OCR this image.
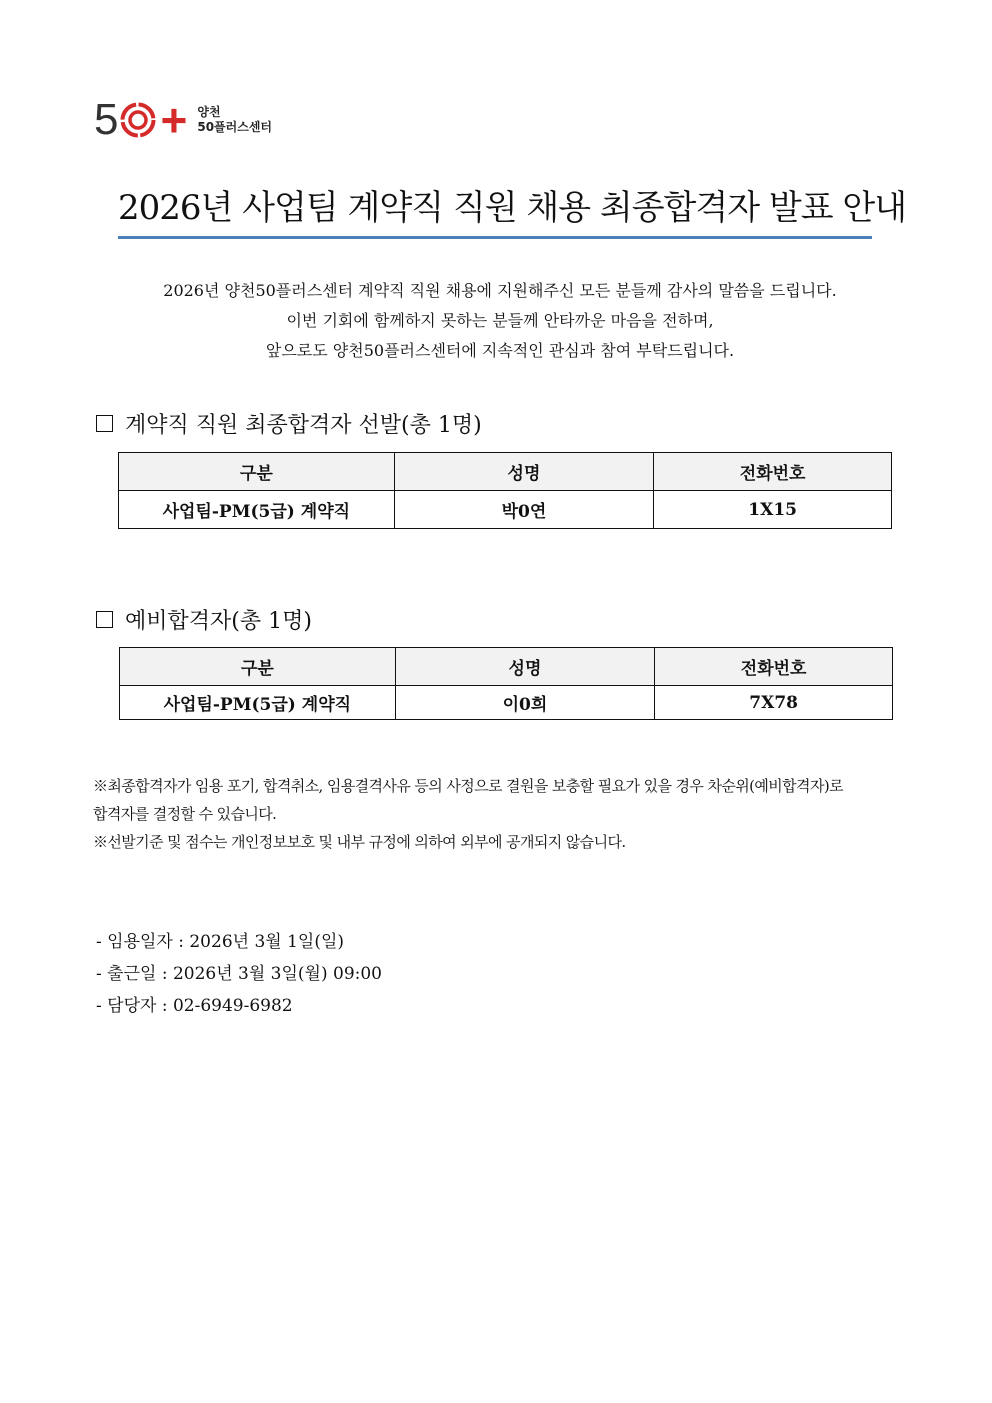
5 + 양천
50플러스센터
2026년 사업팀 계약직 직원 채용 최종합격자 발표 안내
2026년 양천50플러스센터 계약직 직원 채용에 지원해주신 모든 분들께 감사의 말씀을 드립니다.
이번 기회에 함께하지 못하는 분들께 안타까운 마음을 전하며,
앞으로도 양천50플러스센터에 지속적인 관심과 참여 부탁드립니다.
계약직 직원 최종합격자 선발(총 1명)
구분	성명	전화번호
사업팀-PM(5급) 계약직	박0연	1X15
예비합격자(총 1명)
구분	성명	전화번호
사업팀-PM(5급) 계약직	이0희	7X78
※최종합격자가 임용 포기, 합격취소, 임용결격사유 등의 사정으로 결원을 보충할 필요가 있을 경우 차순위(예비합격자)로
합격자를 결정할 수 있습니다.
※선발기준 및 점수는 개인정보보호 및 내부 규정에 의하여 외부에 공개되지 않습니다.
- 임용일자 : 2026년 3월 1일(일)
- 출근일 : 2026년 3월 3일(월) 09:00
- 담당자 : 02-6949-6982
